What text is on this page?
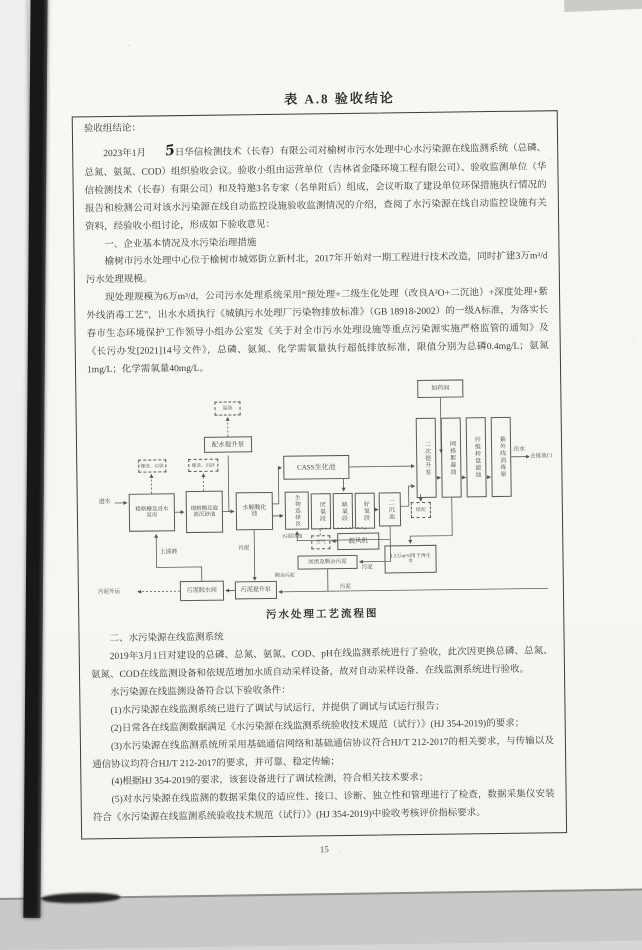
表 A.8 验收结论

验收组结论：

2023年1月 5日华信检测技术（长春）有限公司对榆树市污水处理中心水污染源在线监测系统（总磷、总氮、氨氮、COD）组织验收会议。验收小组由运营单位（吉林省金隆环境工程有限公司）、验收监测单位（华信检测技术（长春）有限公司）和及特邀3名专家（名单附后）组成，会议听取了建设单位环保措施执行情况的报告和检测公司对该水污染源在线自动监控设施验收监测情况的介绍，查阅了水污染源在线自动监控设施有关资料，经验收小组讨论，形成如下验收意见：

一、企业基本情况及水污染治理措施

榆树市污水处理中心位于榆树市城郊街立新村北，2017年开始对一期工程进行技术改造，同时扩建3万m³/d污水处理规模。

现处理规模为6万m³/d，公司污水处理系统采用“预处理+二级生化处理（改良A²O+二沉池）+深度处理+紫外线消毒工艺”，出水水质执行《城镇污水处理厂污染物排放标准》（GB 18918-2002）的一级A标准，为落实长春市生态环境保护工作领导小组办公室发《关于对全市污水处理设施等重点污染源实施严格监管的通知》及《长污办发[2021]14号文件》，总磷、氨氮、化学需氧量执行超低排放标准，限值分别为总磷0.4mg/L；氨氮1mg/L；化学需氧量40mg/L。

加药间
配水提升泵
CASS生化池
粗格栅及进水泵房
细格栅及旋流沉砂池
水解酸化池	生物选择区	厌氧段	缺氧段	好氧段	二沉池
二次提升泵	网格絮凝池	纤维转盘滤池	紫外线消毒渠
鼓风机
回流及剩余污泥
1.5万m³/d用于再生水
污泥提升泵
污泥脱水间
栅渣、垃圾	栅渣、沉砂
溢流
空气
排泥
进水
出水
去排放口
上清液
污泥
污泥回流
剩余污泥
污泥
污泥
污泥外运
污水处理工艺流程图

二、水污染源在线监测系统

2019年3月1日对建设的总磷、总氮、氨氮、COD、pH在线监测系统进行了验收，此次因更换总磷、总氮、氨氮、COD在线监测设备和依规范增加水质自动采样设备，故对自动采样设备、在线监测系统进行验收。

水污染源在线监测设备符合以下验收条件：

(1)水污染源在线监测系统已进行了调试与试运行，并提供了调试与试运行报告；

(2)日常各在线监测数据满足《水污染源在线监测系统验收技术规范（试行）》(HJ 354-2019)的要求；

(3)水污染源在线监测系统所采用基础通信网络和基础通信协议符合HJ/T 212-2017的相关要求，与传输以及通信协议均符合HJ/T 212-2017的要求，并可靠、稳定传输；

(4)根据HJ 354-2019的要求，该套设备进行了调试检测，符合相关技术要求；

(5)对水污染源在线监测的数据采集仪的适应性、接口、诊断、独立性和管理进行了检查，数据采集仪安装符合《水污染源在线监测系统验收技术规范（试行）》(HJ 354-2019)中验收考核评价指标要求。

15
